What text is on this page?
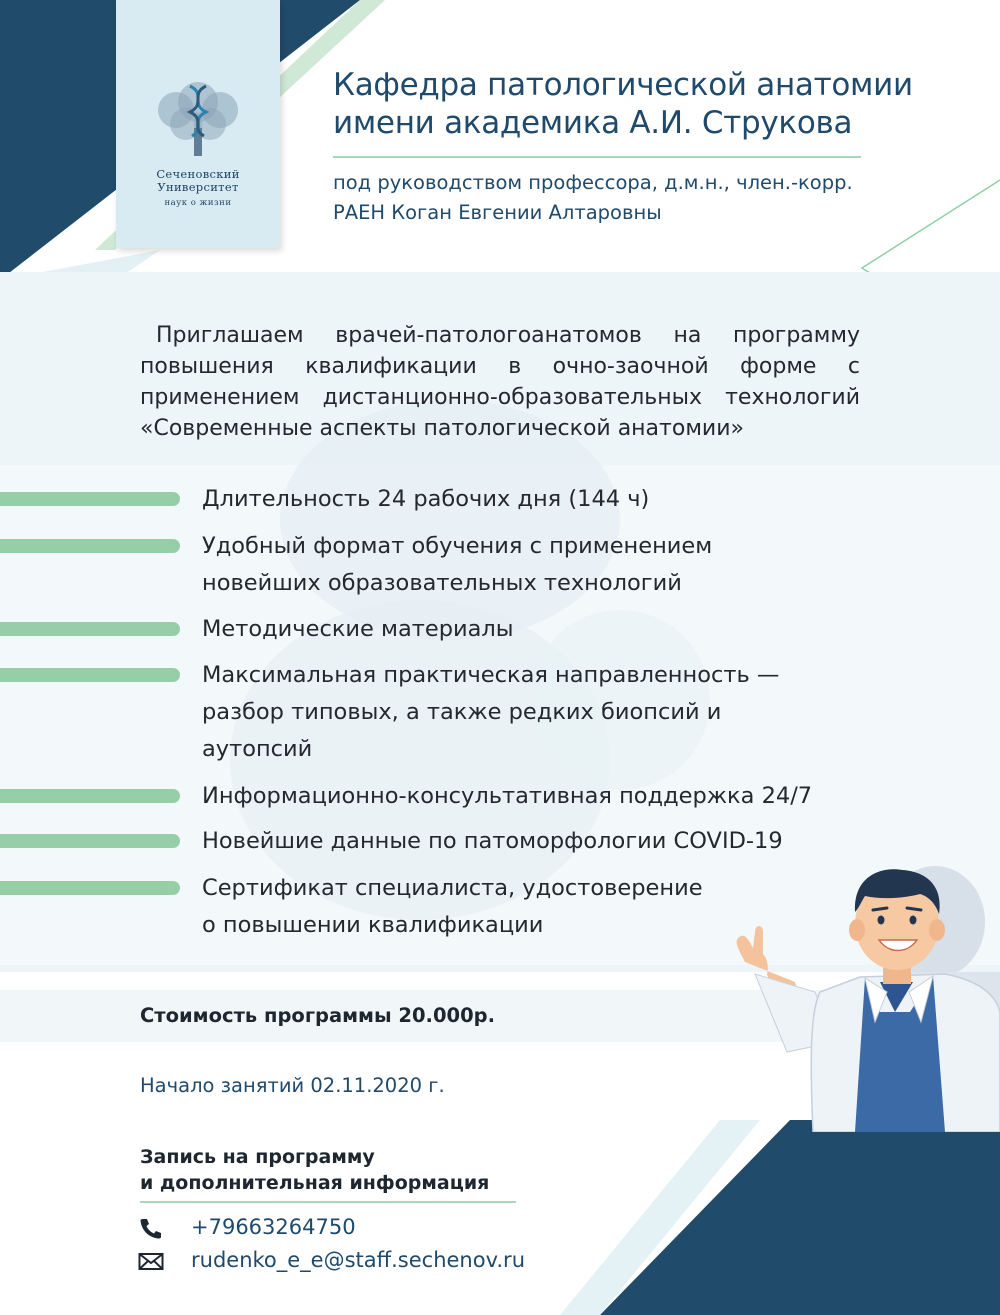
Сеченовский
Университет
наук о жизни
Кафедра патологической анатомии
имени академика А.И. Струкова
под руководством профессора, д.м.н., член.-корр.
РАЕН Коган Евгении Алтаровны
Приглашаем врачей-патологоанатомов на программу повышения квалификации в очно-заочной форме с применением дистанционно-образовательных технологий «Современные аспекты патологической анатомии»
Длительность 24 рабочих дня (144 ч)
Удобный формат обучения с применением
новейших образовательных технологий
Методические материалы
Максимальная практическая направленность —
разбор типовых, а также редких биопсий и
аутопсий
Информационно-консультативная поддержка 24/7
Новейшие данные по патоморфологии COVID-19
Сертификат специалиста, удостоверение
о повышении квалификации
Стоимость программы 20.000р.
Начало занятий 02.11.2020 г.
Запись на программу
и дополнительная информация
+79663264750
rudenko_e_e@staff.sechenov.ru
